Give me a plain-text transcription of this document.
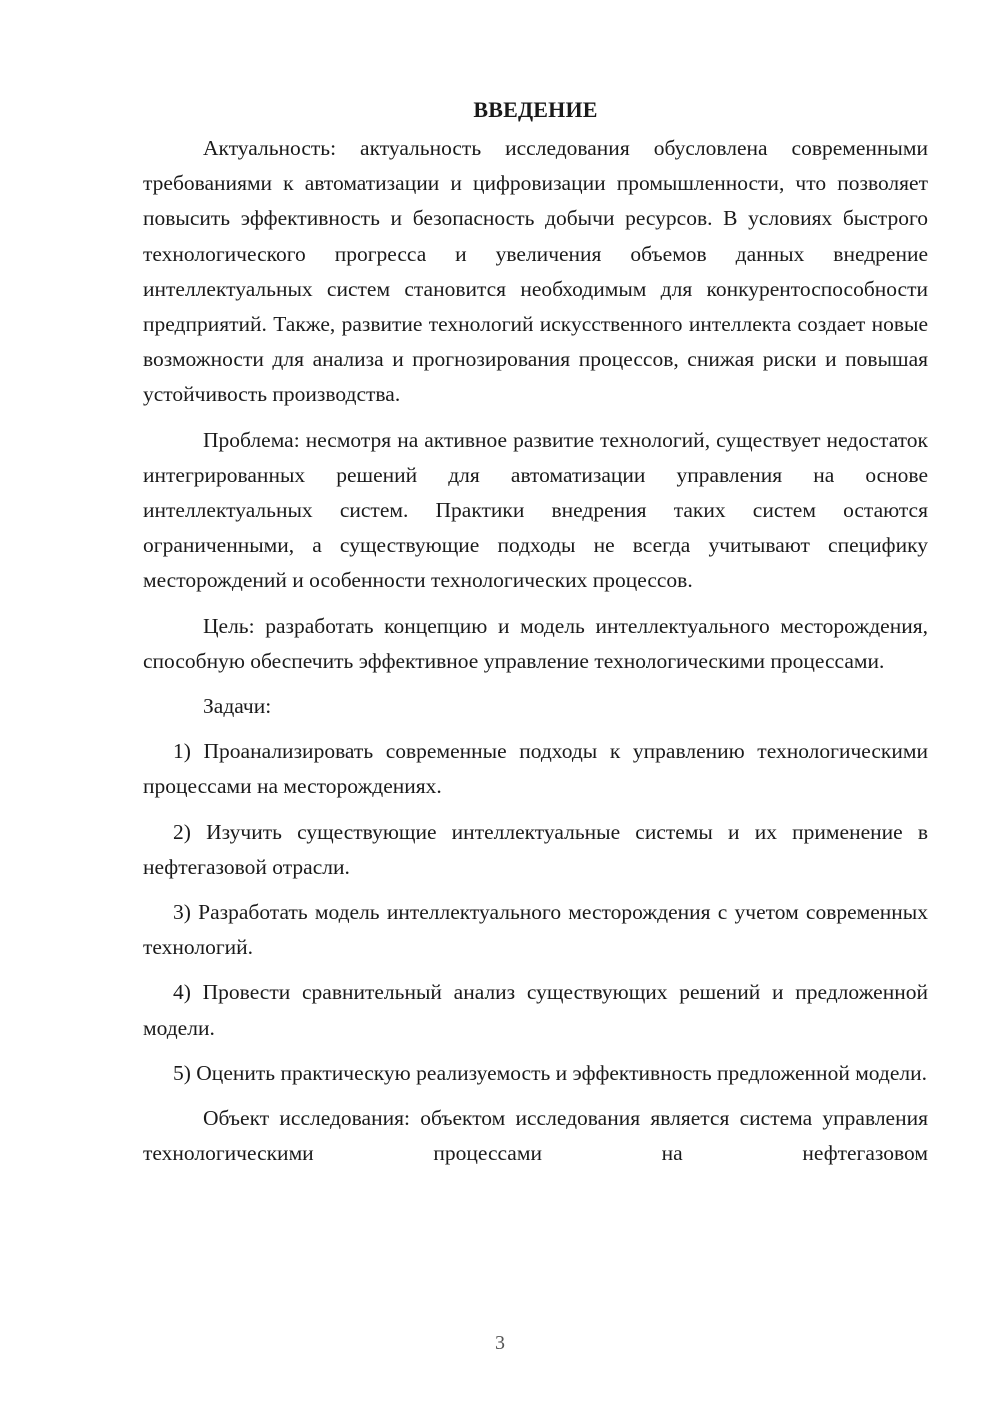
ВВЕДЕНИЕ

Актуальность: актуальность исследования обусловлена современными требованиями к автоматизации и цифровизации промышленности, что позволяет повысить эффективность и безопасность добычи ресурсов. В условиях быстрого технологического прогресса и увеличения объемов данных внедрение интеллектуальных систем становится необходимым для конкурентоспособности предприятий. Также, развитие технологий искусственного интеллекта создает новые возможности для анализа и прогнозирования процессов, снижая риски и повышая устойчивость производства.

Проблема: несмотря на активное развитие технологий, существует недостаток интегрированных решений для автоматизации управления на основе интеллектуальных систем. Практики внедрения таких систем остаются ограниченными, а существующие подходы не всегда учитывают специфику месторождений и особенности технологических процессов.

Цель: разработать концепцию и модель интеллектуального месторождения, способную обеспечить эффективное управление технологическими процессами.

Задачи:

1) Проанализировать современные подходы к управлению технологическими процессами на месторождениях.

2) Изучить существующие интеллектуальные системы и их применение в нефтегазовой отрасли.

3) Разработать модель интеллектуального месторождения с учетом современных технологий.

4) Провести сравнительный анализ существующих решений и предложенной модели.

5) Оценить практическую реализуемость и эффективность предложенной модели.

Объект исследования: объектом исследования является система управления технологическими процессами на нефтегазовом

3
